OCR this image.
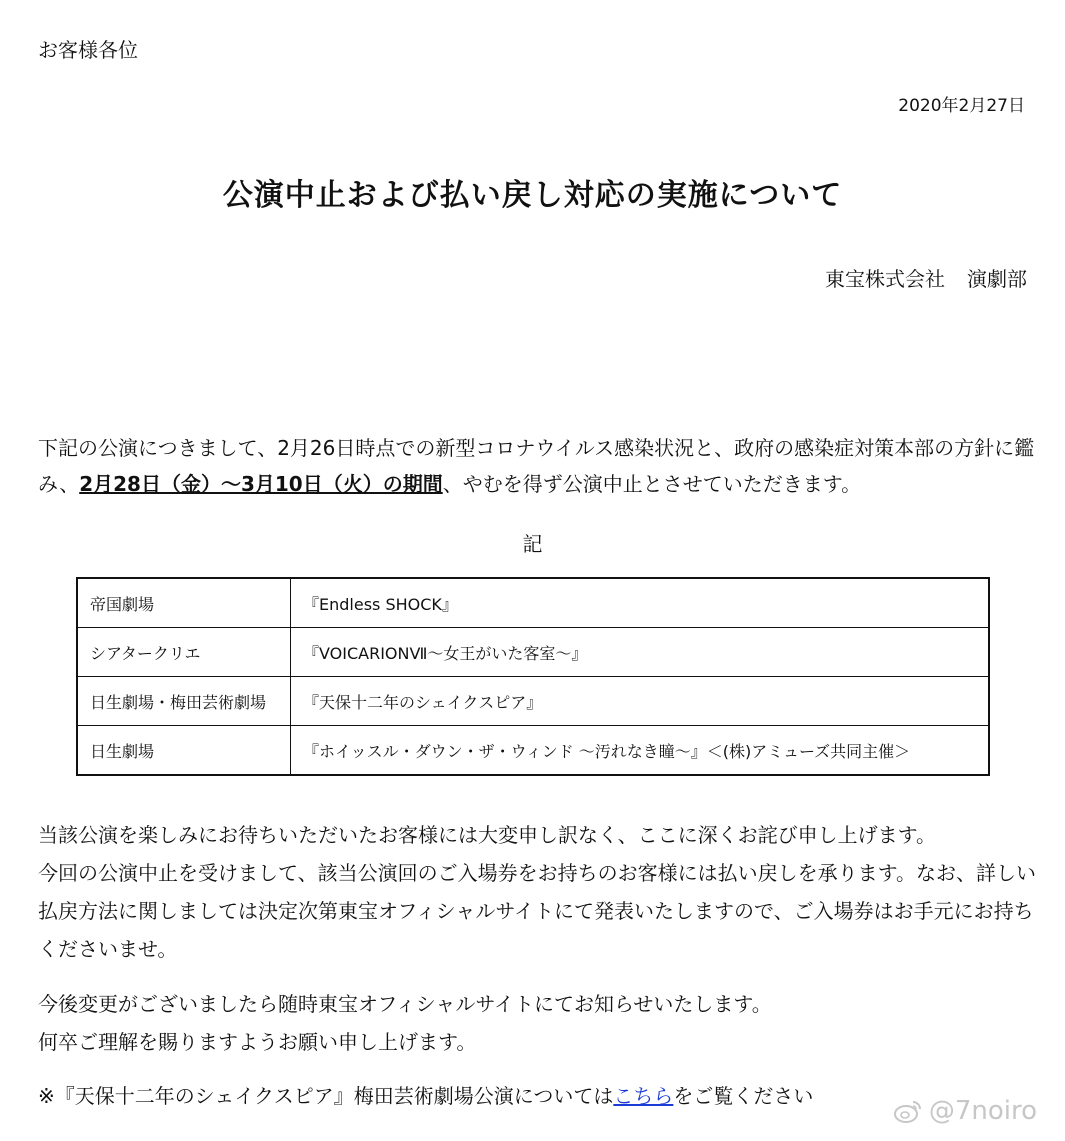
お客様各位
2020年2月27日
公演中止および払い戻し対応の実施について
東宝株式会社 演劇部
下記の公演につきまして、2月26日時点での新型コロナウイルス感染状況と、政府の感染症対策本部の方針に鑑み、2月28日（金）～3月10日（火）の期間、やむを得ず公演中止とさせていただきます。
記
帝国劇場	『Endless SHOCK』
シアタークリエ	『VOICARIONⅦ～女王がいた客室～』
日生劇場・梅田芸術劇場	『天保十二年のシェイクスピア』
日生劇場	『ホイッスル・ダウン・ザ・ウィンド ～汚れなき瞳～』＜(株)アミューズ共同主催＞
当該公演を楽しみにお待ちいただいたお客様には大変申し訳なく、ここに深くお詫び申し上げます。
今回の公演中止を受けまして、該当公演回のご入場券をお持ちのお客様には払い戻しを承ります。なお、詳しい払戻方法に関しましては決定次第東宝オフィシャルサイトにて発表いたしますので、ご入場券はお手元にお持ちくださいませ。
今後変更がございましたら随時東宝オフィシャルサイトにてお知らせいたします。
何卒ご理解を賜りますようお願い申し上げます。
※『天保十二年のシェイクスピア』梅田芸術劇場公演についてはこちらをご覧ください	@7noiro
